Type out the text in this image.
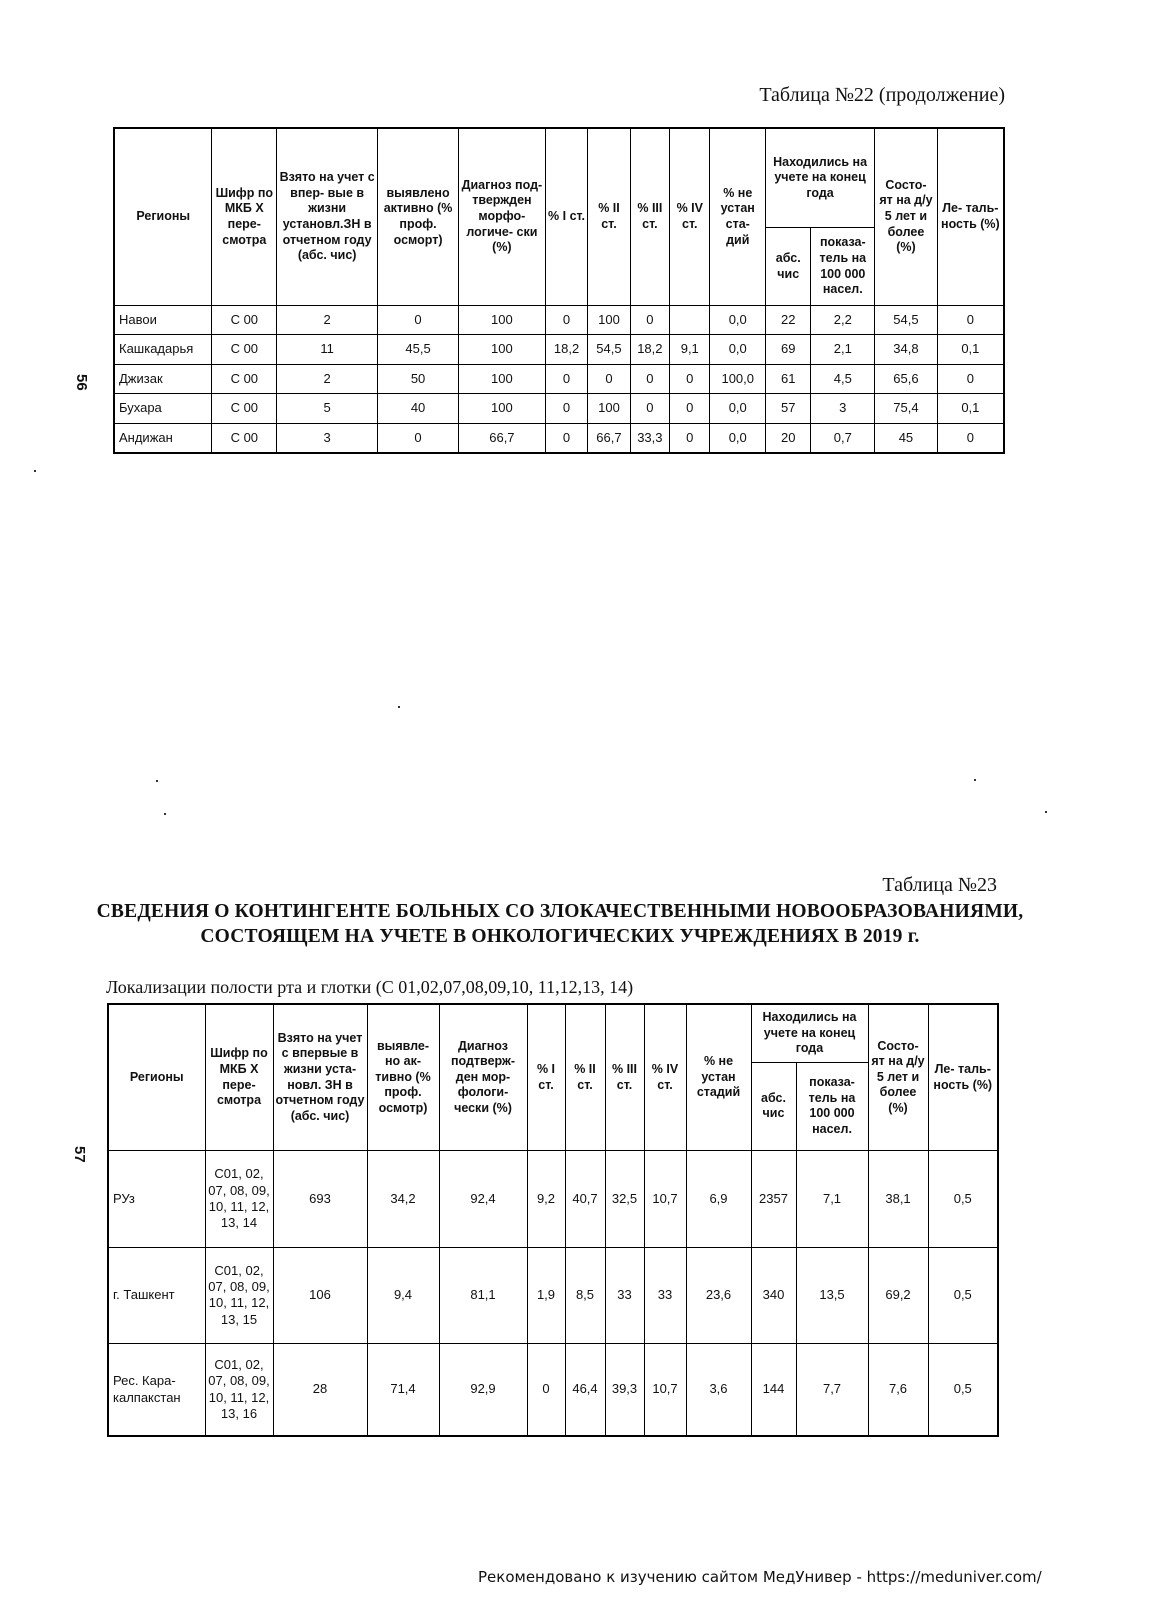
Таблица №22 (продолжение)
56
Регионы	Шифр по МКБ Х пере- смотра	Взято на учет с впер- вые в жизни установл.ЗН в отчетном году (абс. чис)	выявлено активно (% проф. осморт)	Диагноз под- твержден морфо- логиче- ски (%)	% I ст.	% II ст.	% III ст.	% IV ст.	% не устан ста- дий	Находились на учете на конец года		Состо- ят на д/у 5 лет и более (%)	Ле- таль- ность (%)
										абс. чис	показа- тель на 100 000 насел.		
Навои	С 00	2	0	100	0	100	0		0,0	22	2,2	54,5	0
Кашкадарья	С 00	11	45,5	100	18,2	54,5	18,2	9,1	0,0	69	2,1	34,8	0,1
Джизак	С 00	2	50	100	0	0	0	0	100,0	61	4,5	65,6	0
Бухара	С 00	5	40	100	0	100	0	0	0,0	57	3	75,4	0,1
Андижан	С 00	3	0	66,7	0	66,7	33,3	0	0,0	20	0,7	45	0
Таблица №23
СВЕДЕНИЯ О КОНТИНГЕНТЕ БОЛЬНЫХ СО ЗЛОКАЧЕСТВЕННЫМИ НОВООБРАЗОВАНИЯМИ,
СОСТОЯЩЕМ НА УЧЕТЕ В ОНКОЛОГИЧЕСКИХ УЧРЕЖДЕНИЯХ В 2019 г.
Локализации полости рта и глотки (С 01,02,07,08,09,10, 11,12,13, 14)
57
Регионы	Шифр по МКБ Х пере- смотра	Взято на учет с впервые в жизни уста- новл. ЗН в отчетном году (абс. чис)	выявле- но ак- тивно (% проф. осмотр)	Диагноз подтверж- ден мор- фологи- чески (%)	% I ст.	% II ст.	% III ст.	% IV ст.	% не устан стадий	Находились на учете на конец года		Состо- ят на д/у 5 лет и более (%)	Ле- таль- ность (%)
										абс. чис	показа- тель на 100 000 насел.		
РУз	C01, 02, 07, 08, 09, 10, 11, 12, 13, 14	693	34,2	92,4	9,2	40,7	32,5	10,7	6,9	2357	7,1	38,1	0,5
г. Ташкент	C01, 02, 07, 08, 09, 10, 11, 12, 13, 15	106	9,4	81,1	1,9	8,5	33	33	23,6	340	13,5	69,2	0,5
Рес. Кара- калпакстан	C01, 02, 07, 08, 09, 10, 11, 12, 13, 16	28	71,4	92,9	0	46,4	39,3	10,7	3,6	144	7,7	7,6	0,5
Рекомендовано к изучению сайтом МедУнивер - https://meduniver.com/
